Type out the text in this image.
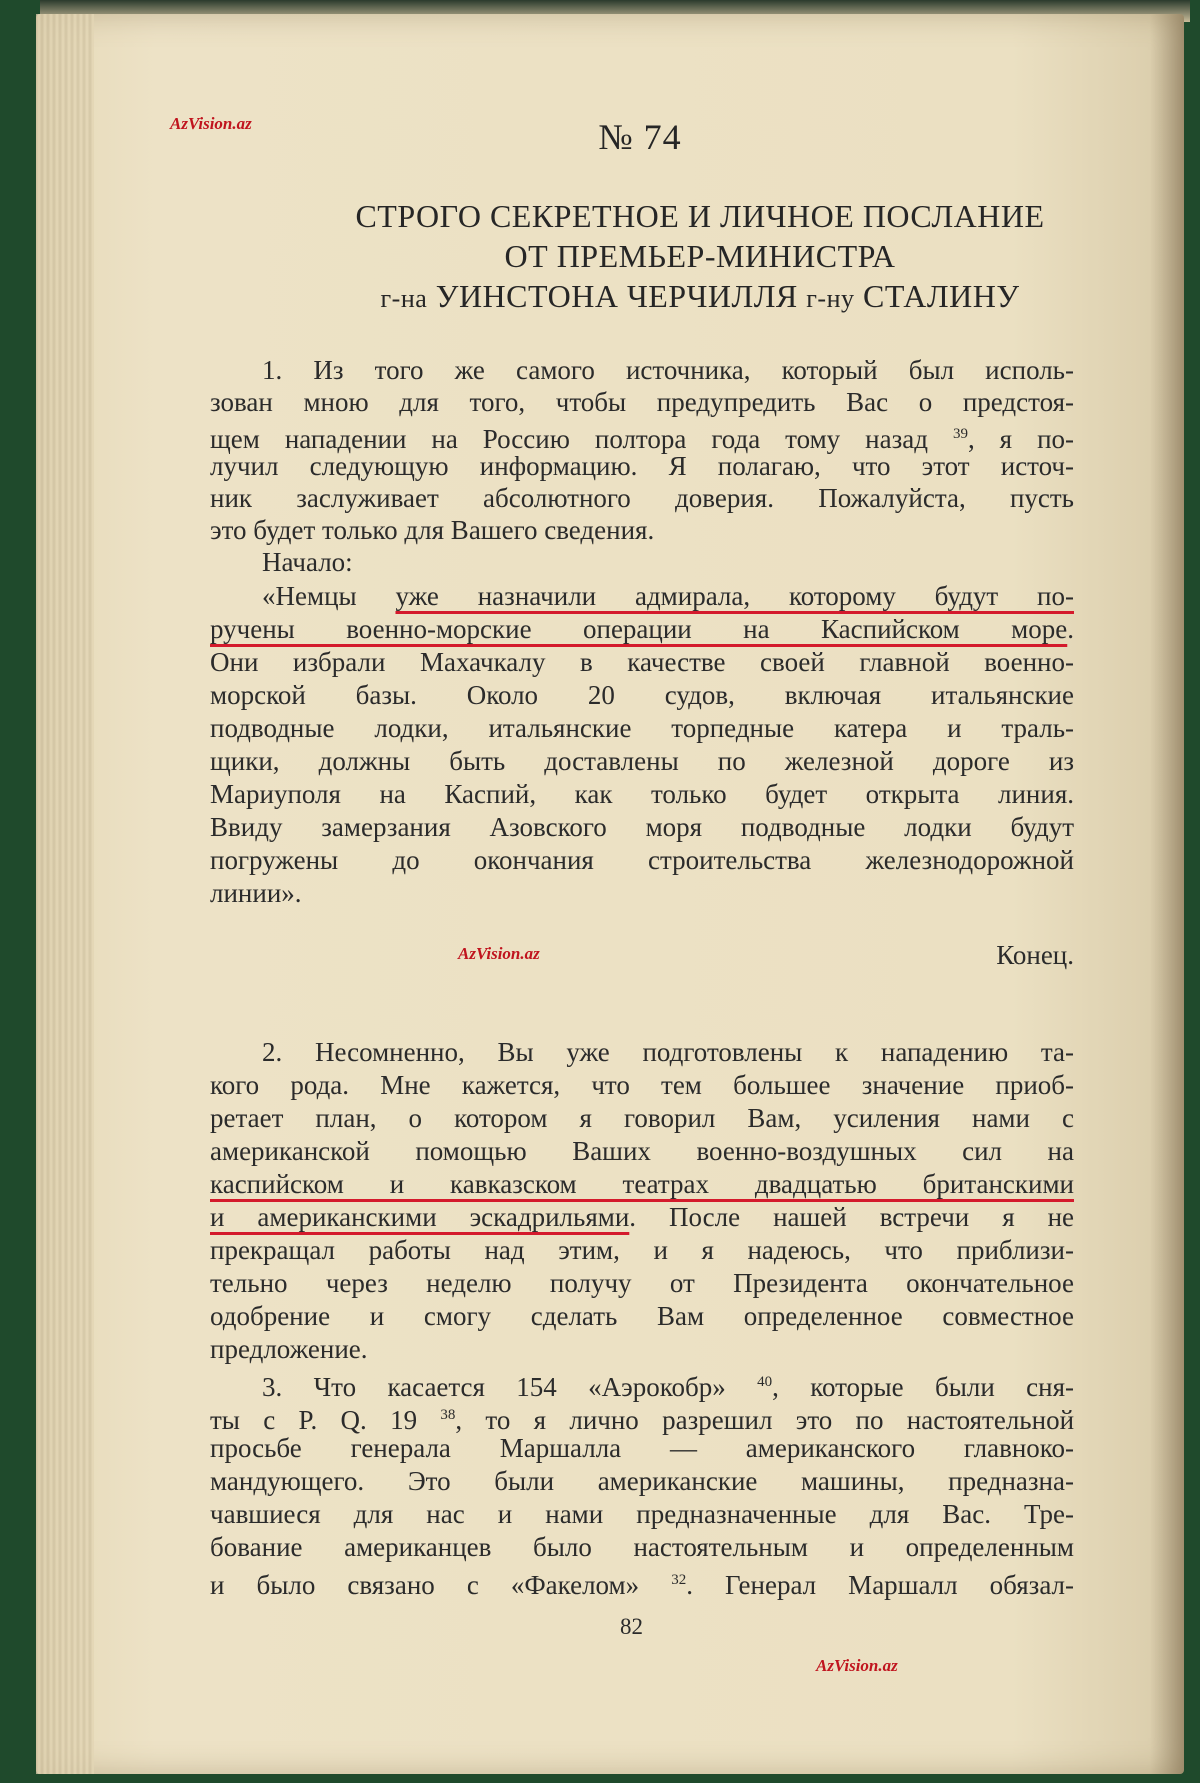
AzVision.az
AzVision.az
AzVision.az
№ 74
СТРОГО СЕКРЕТНОЕ И ЛИЧНОЕ ПОСЛАНИЕ
ОТ ПРЕМЬЕР-МИНИСТРА
г-на УИНСТОНА ЧЕРЧИЛЛЯ г-ну СТАЛИНУ
1. Из того же самого источника, который был исполь-
зован мною для того, чтобы предупредить Вас о предстоя-
щем нападении на Россию полтора года тому назад $^{39}$, я по-
лучил следующую информацию. Я полагаю, что этот источ-
ник заслуживает абсолютного доверия. Пожалуйста, пусть
это будет только для Вашего сведения.
Начало:
«Немцы уже назначили адмирала, которому будут по-
ручены военно-морские операции на Каспийском море.
Они избрали Махачкалу в качестве своей главной военно-
морской базы. Около 20 судов, включая итальянские
подводные лодки, итальянские торпедные катера и траль-
щики, должны быть доставлены по железной дороге из
Мариуполя на Каспий, как только будет открыта линия.
Ввиду замерзания Азовского моря подводные лодки будут
погружены до окончания строительства железнодорожной
линии».
Конец.
2. Несомненно, Вы уже подготовлены к нападению та-
кого рода. Мне кажется, что тем большее значение приоб-
ретает план, о котором я говорил Вам, усиления нами с
американской помощью Ваших военно-воздушных сил на
каспийском и кавказском театрах двадцатью британскими
и американскими эскадрильями. После нашей встречи я не
прекращал работы над этим, и я надеюсь, что приблизи-
тельно через неделю получу от Президента окончательное
одобрение и смогу сделать Вам определенное совместное
предложение.
3. Что касается 154 «Аэрокобр» $^{40}$, которые были сня-
ты с P. Q. 19 $^{38}$, то я лично разрешил это по настоятельной
просьбе генерала Маршалла — американского главноко-
мандующего. Это были американские машины, предназна-
чавшиеся для нас и нами предназначенные для Вас. Тре-
бование американцев было настоятельным и определенным
и было связано с «Факелом» $^{32}$. Генерал Маршалл обязал-
82
